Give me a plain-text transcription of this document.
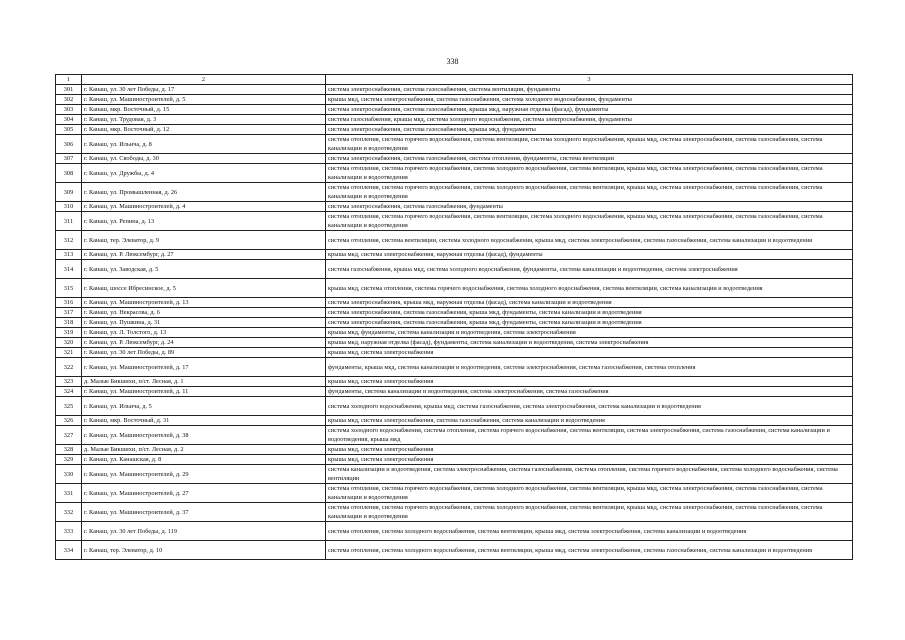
338
1	2	3
301	г. Канаш, ул. 30 лет Победы, д. 17	система электроснабжения, система газоснабжения, система вентиляции, фундаменты
302	г. Канаш, ул. Машиностроителей, д. 5	крыша мкд, система электроснабжения, система газоснабжения, система холодного водоснабжения, фундаменты
303	г. Канаш, мкр. Восточный, д. 15	система электроснабжения, система газоснабжения, крыша мкд, наружная отделка (фасад), фундаменты
304	г. Канаш, ул. Трудовая, д. 3	система газоснабжения, крыша мкд, система холодного водоснабжения, система электроснабжения, фундаменты
305	г. Канаш, мкр. Восточный, д. 12	система электроснабжения, система газоснабжения, крыша мкд, фундаменты
306	г. Канаш, ул. Ильича, д. 8	система отопления, система горячего водоснабжения, система вентиляции, система холодного водоснабжения, крыша мкд, система электроснабжения, система газоснабжения, система канализации и водоотведения
307	г. Канаш, ул. Свободы, д. 30	система электроснабжения, система газоснабжения, система отопления, фундаменты, система вентиляции
308	г. Канаш, ул. Дружбы, д. 4	система отопления, система горячего водоснабжения, система холодного водоснабжения, система вентиляции, крыша мкд, система электроснабжения, система газоснабжения, система канализации и водоотведения
309	г. Канаш, ул. Промышленная, д. 26	система отопления, система горячего водоснабжения, система холодного водоснабжения, система вентиляции, крыша мкд, система электроснабжения, система газоснабжения, система канализации и водоотведения
310	г. Канаш, ул. Машиностроителей, д. 4	система электроснабжения, система газоснабжения, фундаменты
311	г. Канаш, ул. Репина, д. 13	система отопления, система горячего водоснабжения, система вентиляции, система холодного водоснабжения, крыша мкд, система электроснабжения, система газоснабжения, система канализации и водоотведения
312	г. Канаш, тер. Элеватор, д. 9	система отопления, система вентиляции, система холодного водоснабжения, крыша мкд, система электроснабжения, система газоснабжения, система канализации и водоотведения
313	г. Канаш, ул. Р. Люксембург, д. 27	крыша мкд, система электроснабжения, наружная отделка (фасад), фундаменты
314	г. Канаш, ул. Заводская, д. 5	система газоснабжения, крыша мкд, система холодного водоснабжения, фундаменты, система канализации и водоотведения, система электроснабжения
315	г. Канаш, шоссе Ибресинское, д. 5	крыша мкд, система отопления, система горячего водоснабжения, система холодного водоснабжения, система вентиляции, система канализации и водоотведения
316	г. Канаш, ул. Машиностроителей, д. 13	система электроснабжения, крыша мкд, наружная отделка (фасад), система канализации и водоотведения
317	г. Канаш, ул. Некрасова, д. 6	система электроснабжения, система газоснабжения, крыша мкд, фундаменты, система канализации и водоотведения
318	г. Канаш, ул. Пушкина, д. 31	система электроснабжения, система газоснабжения, крыша мкд, фундаменты, система канализации и водоотведения
319	г. Канаш, ул. Л. Толстого, д. 13	крыша мкд, фундаменты, система канализации и водоотведения, система электроснабжения
320	г. Канаш, ул. Р. Люксембург, д. 24	крыша мкд, наружная отделка (фасад), фундаменты, система канализации и водоотведения, система электроснабжения
321	г. Канаш, ул. 30 лет Победы, д. 89	крыша мкд, система электроснабжения
322	г. Канаш, ул. Машиностроителей, д. 17	фундаменты, крыша мкд, система канализации и водоотведения, система электроснабжения, система газоснабжения, система отопления
323	д. Малые Бикшихи, п/ст. Лесная, д. 1	крыша мкд, система электроснабжения
324	г. Канаш, ул. Машиностроителей, д. 11	фундаменты, система канализации и водоотведения, система электроснабжения, система газоснабжения
325	г. Канаш, ул. Ильича, д. 5	система холодного водоснабжения, крыша мкд, система газоснабжения, система электроснабжения, система канализации и водоотведения
326	г. Канаш, мкр. Восточный, д. 31	крыша мкд, система электроснабжения, система газоснабжения, система канализации и водоотведения
327	г. Канаш, ул. Машиностроителей, д. 38	система холодного водоснабжения, система отопления, система горячего водоснабжения, система вентиляции, система электроснабжения, система газоснабжения, система канализации и водоотведения, крыша мкд
328	д. Малые Бикшихи, п/ст. Лесная, д. 2	крыша мкд, система электроснабжения
329	г. Канаш, ул. Канашская, д. 8	крыша мкд, система электроснабжения
330	г. Канаш, ул. Машиностроителей, д. 29	система канализации и водоотведения, система электроснабжения, система газоснабжения, система отопления, система горячего водоснабжения, система холодного водоснабжения, система вентиляции
331	г. Канаш, ул. Машиностроителей, д. 27	система отопления, система горячего водоснабжения, система холодного водоснабжения, система вентиляции, крыша мкд, система электроснабжения, система газоснабжения, система канализации и водоотведения
332	г. Канаш, ул. Машиностроителей, д. 37	система отопления, система горячего водоснабжения, система холодного водоснабжения, система вентиляции, крыша мкд, система электроснабжения, система газоснабжения, система канализации и водоотведения
333	г. Канаш, ул. 30 лет Победы, д. 119	система отопления, система холодного водоснабжения, система вентиляции, крыша мкд, система электроснабжения, система канализации и водоотведения
334	г. Канаш, тер. Элеватор, д. 10	система отопления, система холодного водоснабжения, система вентиляции, крыша мкд, система электроснабжения, система газоснабжения, система канализации и водоотведения
